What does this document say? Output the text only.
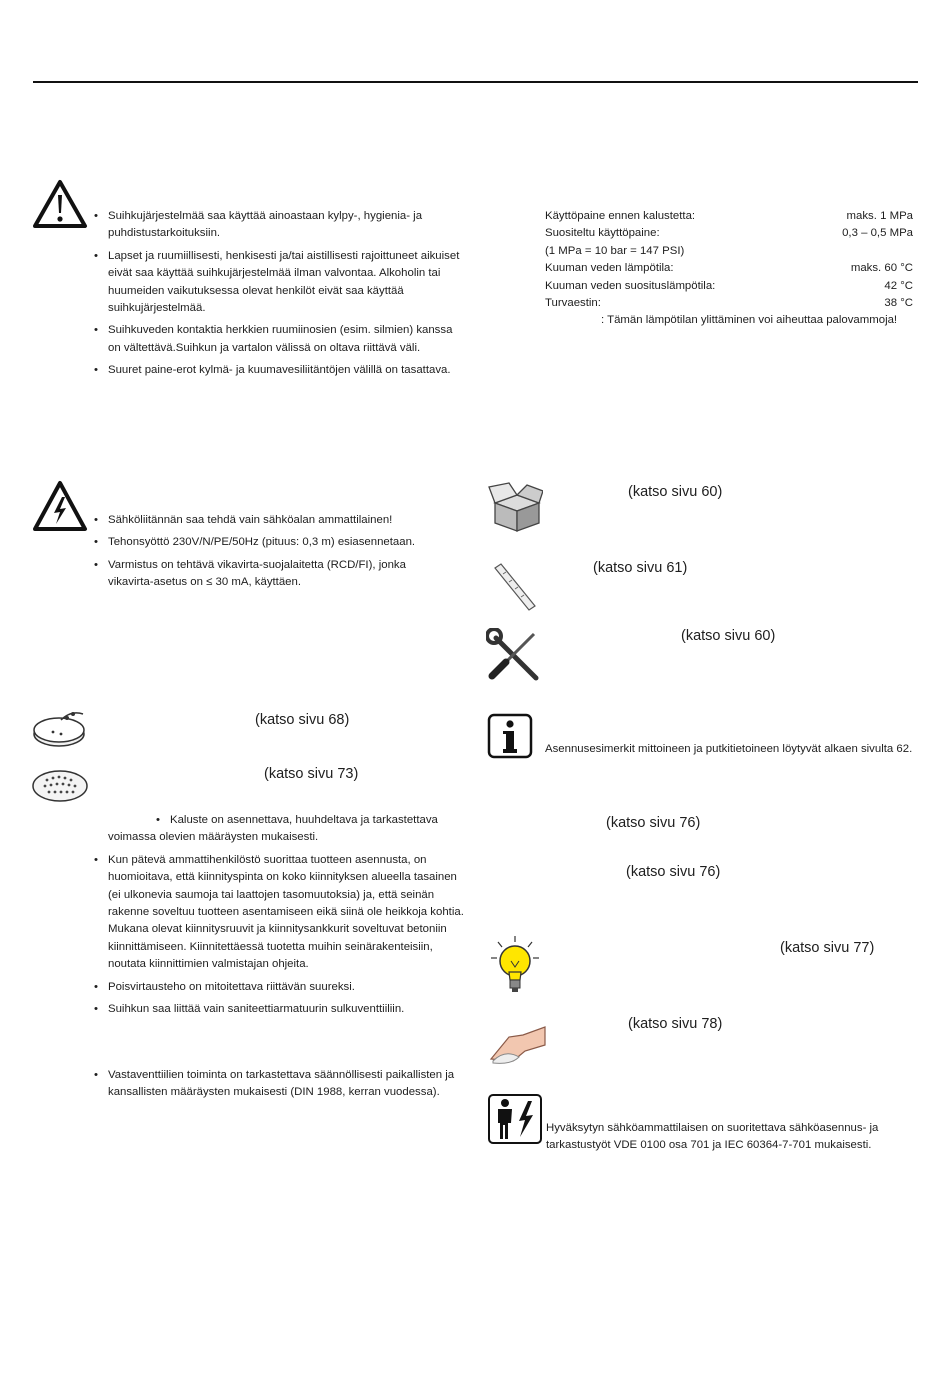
• Suihkujärjestelmää saa käyttää ainoastaan kylpy-, hygienia- ja puhdistustarkoituksiin.
• Lapset ja ruumiillisesti, henkisesti ja/tai aistillisesti rajoittuneet aikuiset eivät saa käyttää suihkujärjestelmää ilman valvontaa. Alkoholin tai huumeiden vaikutuksessa olevat henkilöt eivät saa käyttää suihkujärjestelmää.
• Suihkuveden kontaktia herkkien ruumiinosien (esim. silmien) kanssa on vältettävä.Suihkun ja vartalon välissä on oltava riittävä väli.
• Suuret paine-erot kylmä- ja kuumavesiliitäntöjen välillä on tasattava.
Käyttöpaine ennen kalustetta:	maks. 1 MPa
Suositeltu käyttöpaine:	0,3 – 0,5 MPa
(1 MPa = 10 bar = 147 PSI)
Kuuman veden lämpötila:	maks. 60 °C
Kuuman veden suosituslämpötila:	42 °C
Turvaestin:	38 °C
: Tämän lämpötilan ylittäminen voi aiheuttaa palovammoja!
• Sähköliitännän saa tehdä vain sähköalan ammattilainen!
• Tehonsyöttö 230V/N/PE/50Hz (pituus: 0,3 m) esiasennetaan.
• Varmistus on tehtävä vikavirta-suojalaitetta (RCD/FI), jonka vikavirta-asetus on ≤ 30 mA, käyttäen.
(katso sivu 60)
(katso sivu 61)
(katso sivu 60)
(katso sivu 68)
(katso sivu 73)
• Kaluste on asennettava, huuhdeltava ja tarkastettava voimassa olevien määräysten mukaisesti.
• Kun pätevä ammattihenkilöstö suorittaa tuotteen asennusta, on huomioitava, että kiinnityspinta on koko kiinnityksen alueella tasainen (ei ulkonevia saumoja tai laattojen tasomuutoksia) ja, että seinän rakenne soveltuu tuotteen asentamiseen eikä siinä ole heikkoja kohtia. Mukana olevat kiinnitysruuvit ja kiinnitysankkurit soveltuvat betoniin kiinnittämiseen. Kiinnitettäessä tuotetta muihin seinärakenteisiin, noutata kiinnittimien valmistajan ohjeita.
• Poisvirtausteho on mitoitettava riittävän suureksi.
• Suihkun saa liittää vain saniteettiarmatuurin sulkuventtiiliin.
• Vastaventtiilien toiminta on tarkastettava säännöllisesti paikallisten ja kansallisten määräysten mukaisesti (DIN 1988, kerran vuodessa).
Asennusesimerkit mittoineen ja putkitietoineen löytyvät alkaen sivulta 62.
(katso sivu 76)
(katso sivu 76)
(katso sivu 77)
(katso sivu 78)
Hyväksytyn sähköammattilaisen on suoritettava sähköasennus- ja tarkastustyöt VDE 0100 osa 701 ja IEC 60364-7-701 mukaisesti.
